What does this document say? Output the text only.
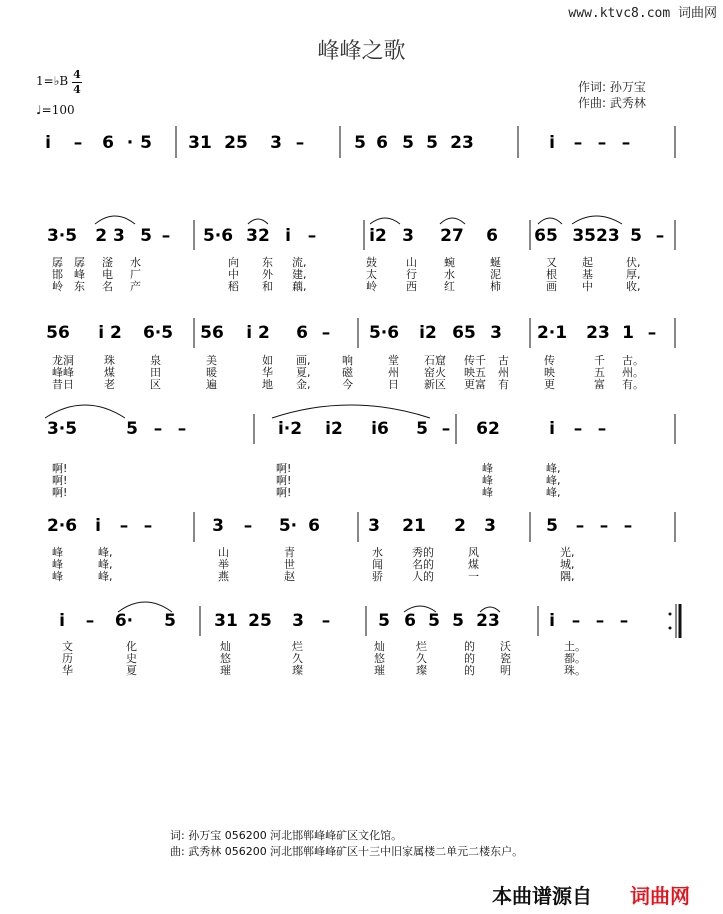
www.ktvc8.com 词曲网
峰峰之歌
1=♭B 4
4
♩=100
作词: 孙万宝
作曲: 武秀林
i – 6 · 5 31 25 3 –	5 6 5 5 23	i – – –
3·5 2 3 5 – 5·6 32 i –	i2 3 27 6 65 3523 5 –
56 i 2 6·5 56 i 2 6 – 5·6 i2 65 3 2·1 23 1 –
3·5	5 – –	i·2 i2 i6 5 – 62	i – –
2·6 i – –	3 – 5· 6	3 21 2 3	5 – – –
i – 6· 5 31 25 3 –	5 6 5 5 23	i – – –
孱 孱 滏 水	向 东 流,	鼓	山 蜿	蜒	又 起	伏,
邯 峰 电 厂	中 外 建,	太	行 水	泥	根 基	厚,
岭 东 名 产	稻 和 藕,	岭	西 红	柿	画 中	收,
龙洞	珠	泉	美	如 画,	响	堂 石窟 传千 古	传	千 古。
峰峰	煤	田	暖	华 夏,	磁	州 窑火 映五 州	映	五 州。
昔日	老	区	遍	地 金,	今	日 新区 更富 有	更	富 有。
啊!	啊!	峰	峰,
啊!	啊!	峰	峰,
啊!	啊!	峰	峰,
峰	峰,	山	青	水	秀的	风	光,
峰	峰,	举	世	闻	名的	煤	城,
峰	峰,	燕	赵	骄	人的	一	隅,
文	化	灿	烂	灿	烂	的 沃	土。
历	史	悠	久	悠	久	的 瓷	都。
华	夏	璀	璨	璀	璨	的 明	珠。
词: 孙万宝 056200 河北邯郸峰峰矿区文化馆。
曲: 武秀林 056200 河北邯郸峰峰矿区十三中旧家属楼二单元二楼东户。
本曲谱源自 词曲网
